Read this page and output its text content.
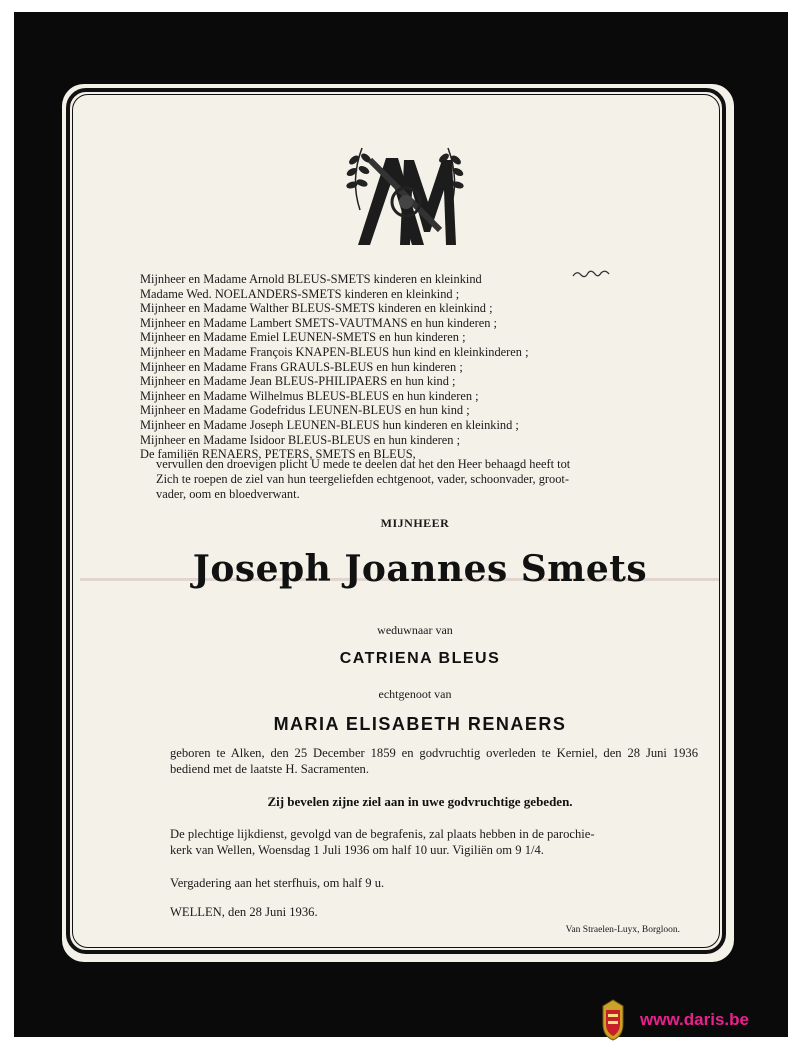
Mijnheer en Madame Arnold BLEUS-SMETS kinderen en kleinkind
Madame Wed. NOELANDERS-SMETS kinderen en kleinkind ;
Mijnheer en Madame Walther BLEUS-SMETS kinderen en kleinkind ;
Mijnheer en Madame Lambert SMETS-VAUTMANS en hun kinderen ;
Mijnheer en Madame Emiel LEUNEN-SMETS en hun kinderen ;
Mijnheer en Madame François KNAPEN-BLEUS hun kind en kleinkinderen ;
Mijnheer en Madame Frans GRAULS-BLEUS en hun kinderen ;
Mijnheer en Madame Jean BLEUS-PHILIPAERS en hun kind ;
Mijnheer en Madame Wilhelmus BLEUS-BLEUS en hun kinderen ;
Mijnheer en Madame Godefridus LEUNEN-BLEUS en hun kind ;
Mijnheer en Madame Joseph LEUNEN-BLEUS hun kinderen en kleinkind ;
Mijnheer en Madame Isidoor BLEUS-BLEUS en hun kinderen ;
De familiën RENAERS, PETERS, SMETS en BLEUS,
vervullen den droevigen plicht U mede te deelen dat het den Heer behaagd heeft tot
Zich te roepen de ziel van hun teergeliefden echtgenoot, vader, schoonvader, groot-
vader, oom en bloedverwant.
MIJNHEER
Joseph Joannes Smets
weduwnaar van
CATRIENA BLEUS
echtgenoot van
MARIA ELISABETH RENAERS
geboren te Alken, den 25 December 1859 en godvruchtig overleden te Kerniel, den 28 Juni 1936 bediend met de laatste H. Sacramenten.
Zij bevelen zijne ziel aan in uwe godvruchtige gebeden.
De plechtige lijkdienst, gevolgd van de begrafenis, zal plaats hebben in de parochie-
kerk van Wellen, Woensdag 1 Juli 1936 om half 10 uur. Vigiliën om 9 1/4.
Vergadering aan het sterfhuis, om half 9 u.
WELLEN, den 28 Juni 1936.
Van Straelen-Luyx, Borgloon.
www.daris.be
